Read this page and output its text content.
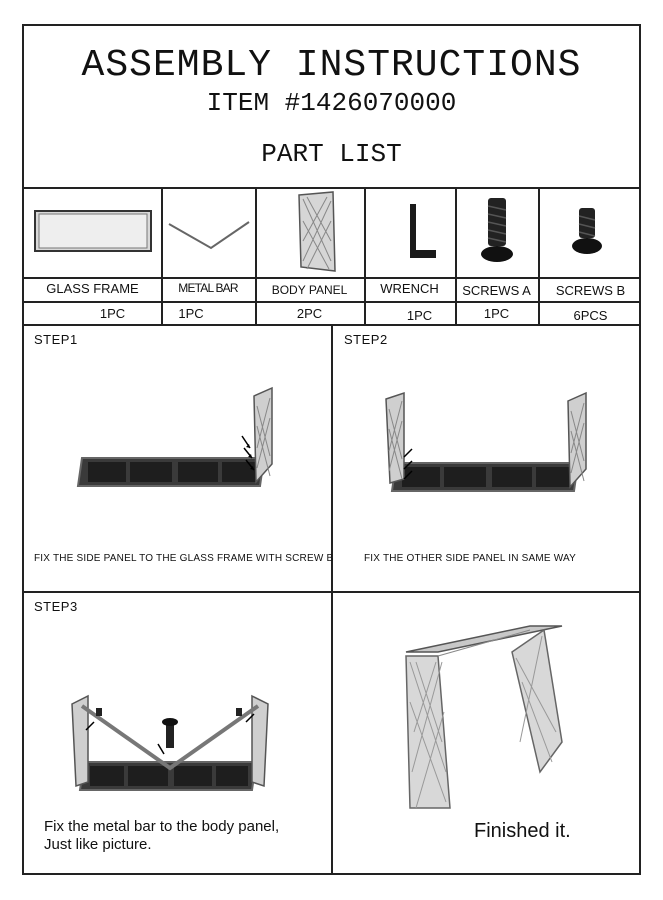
ASSEMBLY INSTRUCTIONS
ITEM #1426070000
PART LIST
GLASS FRAME	METAL BAR	BODY PANEL	WRENCH	SCREWS A	SCREWS B
1PC	1PC	2PC	1PC	1PC	6PCS
STEP1
FIX THE SIDE PANEL TO THE GLASS FRAME WITH SCREW B
STEP2
FIX THE OTHER SIDE PANEL IN SAME WAY
STEP3
Fix the metal bar to the body panel,
Just like picture.
Finished it.
